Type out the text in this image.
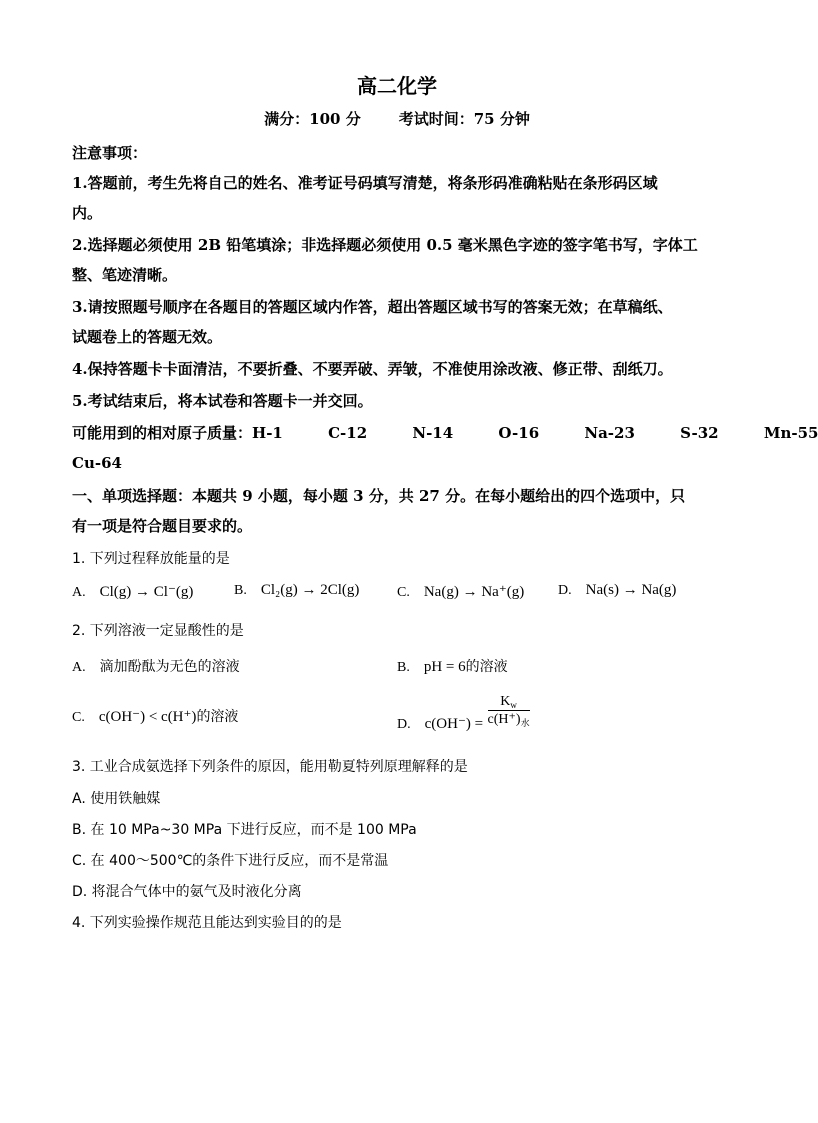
高二化学
满分：100 分	考试时间：75 分钟
注意事项：
1.答题前，考生先将自己的姓名、准考证号码填写清楚，将条形码准确粘贴在条形码区域
内。
2.选择题必须使用 2B 铅笔填涂；非选择题必须使用 0.5 毫米黑色字迹的签字笔书写，字体工
整、笔迹清晰。
3.请按照题号顺序在各题目的答题区域内作答，超出答题区域书写的答案无效；在草稿纸、
试题卷上的答题无效。
4.保持答题卡卡面清洁，不要折叠、不要弄破、弄皱，不准使用涂改液、修正带、刮纸刀。
5.考试结束后，将本试卷和答题卡一并交回。
可能用到的相对原子质量：H-1	C-12	N-14	O-16	Na-23	S-32	Mn-55
Cu-64
一、单项选择题：本题共 9 小题，每小题 3 分，共 27 分。在每小题给出的四个选项中，只
有一项是符合题目要求的。
1. 下列过程释放能量的是
A. Cl(g) → Cl⁻(g)	B. Cl₂(g) → 2Cl(g)	C. Na(g) → Na⁺(g) D. Na(s) → Na(g)
2. 下列溶液一定显酸性的是
A. 滴加酚酞为无色的溶液	B. pH = 6的溶液
C. c(OH⁻) < c(H⁺)的溶液	D. $c(OH^-) = \frac{K_w}{c(H^+)_水}$
3. 工业合成氨选择下列条件的原因，能用勒夏特列原理解释的是
A. 使用铁触媒
B. 在 10 MPa~30 MPa 下进行反应，而不是 100 MPa
C. 在 400～500℃的条件下进行反应，而不是常温
D. 将混合气体中的氨气及时液化分离
4. 下列实验操作规范且能达到实验目的的是
